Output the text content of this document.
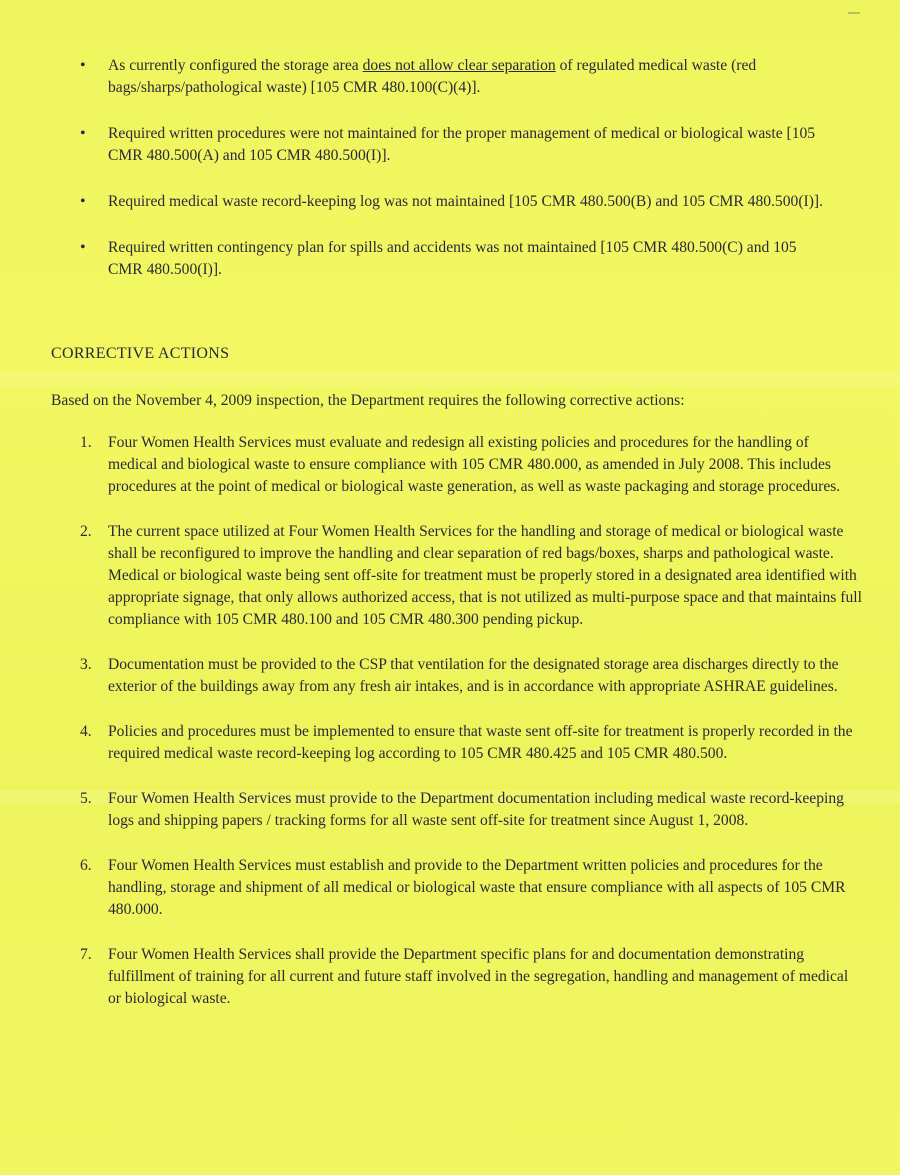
• As currently configured the storage area does not allow clear separation of regulated medical waste (red bags/sharps/pathological waste) [105 CMR 480.100(C)(4)].
• Required written procedures were not maintained for the proper management of medical or biological waste [105 CMR 480.500(A) and 105 CMR 480.500(I)].
• Required medical waste record-keeping log was not maintained [105 CMR 480.500(B) and 105 CMR 480.500(I)].
• Required written contingency plan for spills and accidents was not maintained [105 CMR 480.500(C) and 105 CMR 480.500(I)].
CORRECTIVE ACTIONS

Based on the November 4, 2009 inspection, the Department requires the following corrective actions:

1. Four Women Health Services must evaluate and redesign all existing policies and procedures for the handling of medical and biological waste to ensure compliance with 105 CMR 480.000, as amended in July 2008. This includes procedures at the point of medical or biological waste generation, as well as waste packaging and storage procedures.
2. The current space utilized at Four Women Health Services for the handling and storage of medical or biological waste shall be reconfigured to improve the handling and clear separation of red bags/boxes, sharps and pathological waste. Medical or biological waste being sent off-site for treatment must be properly stored in a designated area identified with appropriate signage, that only allows authorized access, that is not utilized as multi-purpose space and that maintains full compliance with 105 CMR 480.100 and 105 CMR 480.300 pending pickup.
3. Documentation must be provided to the CSP that ventilation for the designated storage area discharges directly to the exterior of the buildings away from any fresh air intakes, and is in accordance with appropriate ASHRAE guidelines.
4. Policies and procedures must be implemented to ensure that waste sent off-site for treatment is properly recorded in the required medical waste record-keeping log according to 105 CMR 480.425 and 105 CMR 480.500.
5. Four Women Health Services must provide to the Department documentation including medical waste record-keeping logs and shipping papers / tracking forms for all waste sent off-site for treatment since August 1, 2008.
6. Four Women Health Services must establish and provide to the Department written policies and procedures for the handling, storage and shipment of all medical or biological waste that ensure compliance with all aspects of 105 CMR 480.000.
7. Four Women Health Services shall provide the Department specific plans for and documentation demonstrating fulfillment of training for all current and future staff involved in the segregation, handling and management of medical or biological waste.
